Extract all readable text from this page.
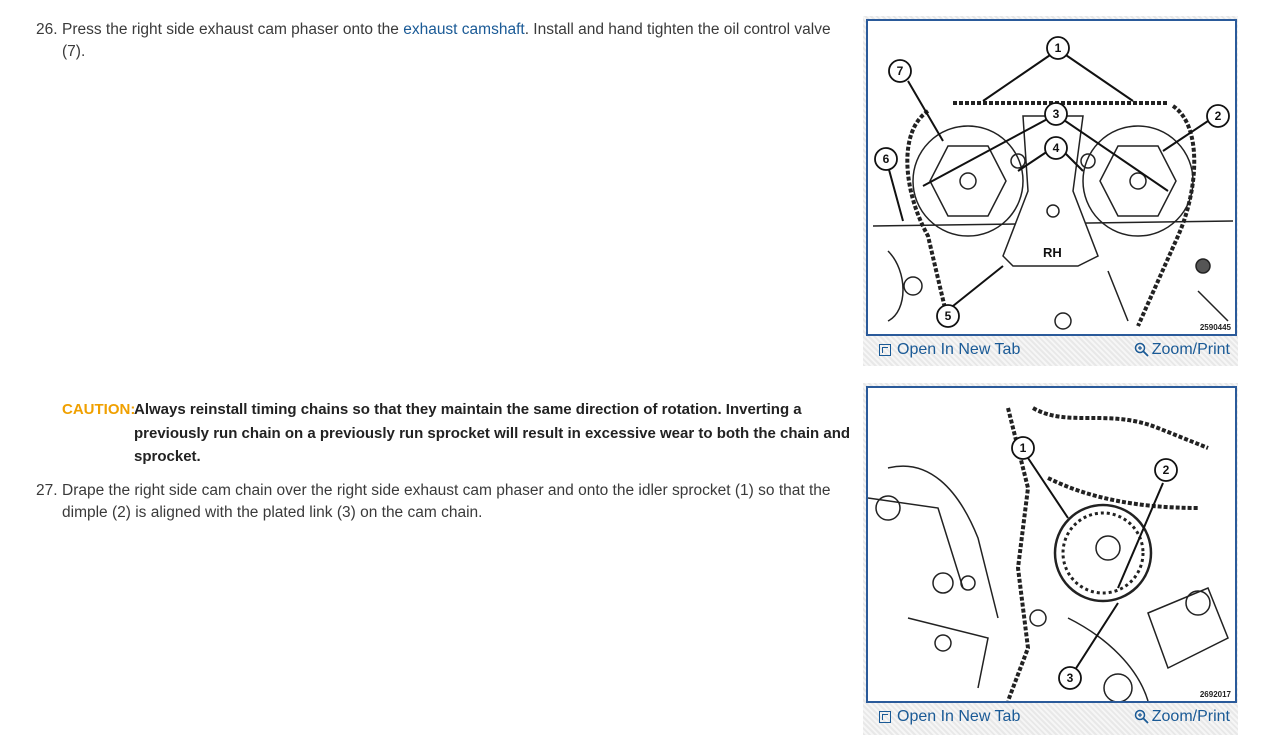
26. Press the right side exhaust cam phaser onto the exhaust camshaft. Install and hand tighten the oil control valve
(7).
CAUTION:
Always reinstall timing chains so that they maintain the same direction of rotation. Inverting a
previously run chain on a previously run sprocket will result in excessive wear to both the chain and
sprocket.
27. Drape the right side cam chain over the right side exhaust cam phaser and onto the idler sprocket (1) so that the
dimple (2) is aligned with the plated link (3) on the cam chain.
RH
1
2
3
4
5
6
7
2590445
Open In New Tab	Zoom/Print
1
2
3
2692017
Open In New Tab	Zoom/Print
